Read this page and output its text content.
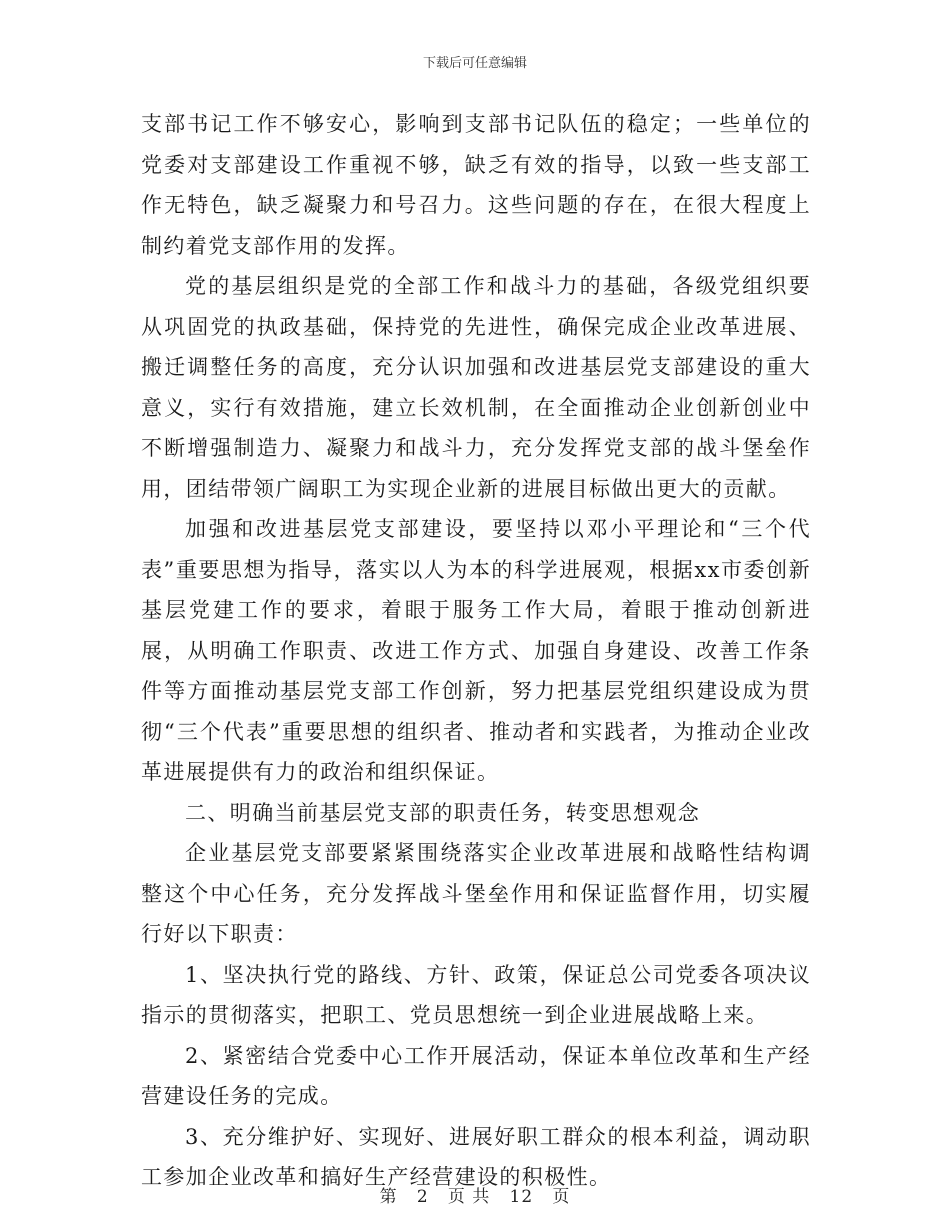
下载后可任意编辑

支部书记工作不够安心，影响到支部书记队伍的稳定；一些单位的党委对支部建设工作重视不够，缺乏有效的指导，以致一些支部工作无特色，缺乏凝聚力和号召力。这些问题的存在，在很大程度上制约着党支部作用的发挥。

党的基层组织是党的全部工作和战斗力的基础，各级党组织要从巩固党的执政基础，保持党的先进性，确保完成企业改革进展、搬迁调整任务的高度，充分认识加强和改进基层党支部建设的重大意义，实行有效措施，建立长效机制，在全面推动企业创新创业中不断增强制造力、凝聚力和战斗力，充分发挥党支部的战斗堡垒作用，团结带领广阔职工为实现企业新的进展目标做出更大的贡献。

加强和改进基层党支部建设，要坚持以邓小平理论和“三个代表”重要思想为指导，落实以人为本的科学进展观，根据xx市委创新基层党建工作的要求，着眼于服务工作大局，着眼于推动创新进展，从明确工作职责、改进工作方式、加强自身建设、改善工作条件等方面推动基层党支部工作创新，努力把基层党组织建设成为贯彻“三个代表”重要思想的组织者、推动者和实践者，为推动企业改革进展提供有力的政治和组织保证。

二、明确当前基层党支部的职责任务，转变思想观念

企业基层党支部要紧紧围绕落实企业改革进展和战略性结构调整这个中心任务，充分发挥战斗堡垒作用和保证监督作用，切实履行好以下职责：

1、坚决执行党的路线、方针、政策，保证总公司党委各项决议指示的贯彻落实，把职工、党员思想统一到企业进展战略上来。

2、紧密结合党委中心工作开展活动，保证本单位改革和生产经营建设任务的完成。

3、充分维护好、实现好、进展好职工群众的根本利益，调动职工参加企业改革和搞好生产经营建设的积极性。

第 2 页 共 12 页
